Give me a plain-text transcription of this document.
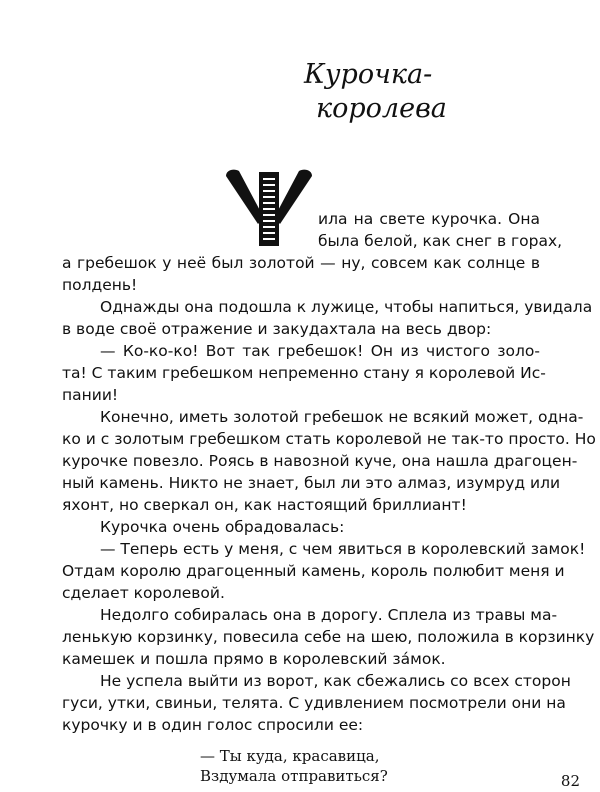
Курочка-
королева
ила на свете курочка. Она
была белой, как снег в горах,
а гребешок у неё был золотой — ну, совсем как солнце в
полдень!
Однажды она подошла к лужице, чтобы напиться, увидала
в воде своё отражение и закудахтала на весь двор:
— Ко-ко-ко! Вот так гребешок! Он из чистого золо-
та! С таким гребешком непременно стану я королевой Ис-
пании!
Конечно, иметь золотой гребешок не всякий может, одна-
ко и с золотым гребешком стать королевой не так-то просто. Но
курочке повезло. Роясь в навозной куче, она нашла драгоцен-
ный камень. Никто не знает, был ли это алмаз, изумруд или
яхонт, но сверкал он, как настоящий бриллиант!
Курочка очень обрадовалась:
— Теперь есть у меня, с чем явиться в королевский замок!
Отдам королю драгоценный камень, король полюбит меня и
сделает королевой.
Недолго собиралась она в дорогу. Сплела из травы ма-
ленькую корзинку, повесила себе на шею, положила в корзинку
камешек и пошла прямо в королевский за́мок.
Не успела выйти из ворот, как сбежались со всех сторон
гуси, утки, свиньи, телята. С удивлением посмотрели они на
курочку и в один голос спросили ее:
— Ты куда, красавица,
Вздумала отправиться?	82
